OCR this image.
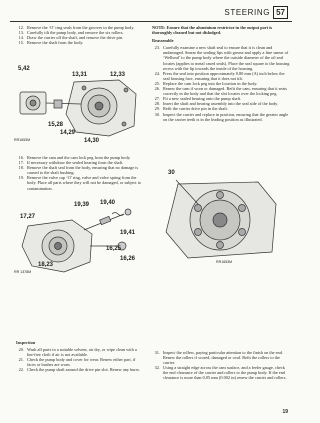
STEERING 57
12. Remove the ‘O’ ring seals from the grooves in the pump body.
13. Carefully tilt the pump body, and remove the six rollers.
14. Draw the carrier off the shaft, and remove the drive pin.
15. Remove the shaft from the body.
5,42
13,31	12,33
15,28
14,29
14,30
RR1653M
16. Remove the cam and the cam lock peg from the pump body.
17. If necessary withdraw the sealed bearing from the shaft.
18. Remove the shaft seal from the body, ensuring that no damage is caused to the shaft bushing.
19. Remove the valve cap ‘O’ ring, valve and valve spring from the body. Place all parts where they will not be damaged, or subject to contamination.
19,39 19,40
17,27
19,41
16,25
16,26
18,23
RR 1378M
Inspection
20. Wash all parts in a suitable solvent, air dry, or wipe clean with a lint-free cloth if air is not available.
21. Check the pump body and cover for wear. Renew either part, if faces or bushes are worn.
22. Check the pump shaft around the drive pin slot. Renew any burrs.

NOTE: Ensure that the aluminium restrictor in the output port is thoroughly cleaned but not dislodged.

Reassemble
23. Carefully examine a new shaft seal to ensure that it is clean and undamaged. Smear the sealing lips with grease and apply a fine smear of ‘Wellseal’ to the pump body where the outside diameter of the oil seal locates (applies to metal cased seals). Place the seal square to the housing recess with the lip towards the inside of the housing.
24. Press the seal into position approximately 0,80 mm (A) inch below the seal housing face, ensuring that it does not tilt.
25. Replace the cam lock peg into the location in the body.
26. Renew the cam if worn or damaged. Refit the cam, ensuring that it seats correctly in the body and that the slot locates over the locking peg.
27. Fit a new sealed bearing onto the pump shaft.
28. Insert the shaft and bearing assembly into the seal side of the body.
29. Refit the carrier drive pin in the shaft.
30. Inspect the carrier and replace in position, ensuring that the greater angle on the carrier teeth is in the leading position as illustrated.
30
RR1653M
31. Inspect the rollers, paying particular attention to the finish on the end. Renew the rollers if scored, damaged or oval. Refit the rollers to the carrier.
32. Using a straight edge across the cam surface, and a feeler gauge, check the end clearance of the carrier and rollers to the pump body. If the end clearance is more than 0,05 mm (0.002 in) renew the carrier and rollers.
19
